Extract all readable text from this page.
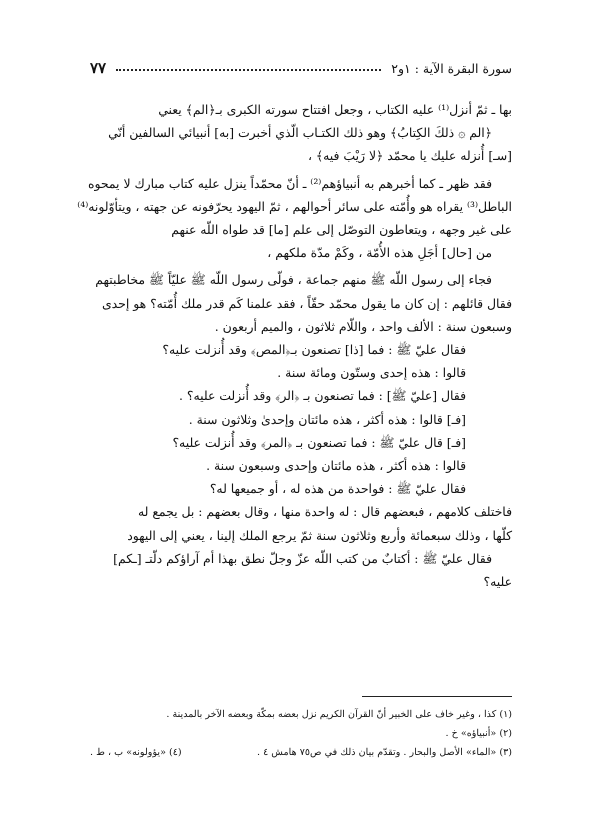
سورة البقرة الآية : ١و٢
٧٧
بها ـ ثمّ أنزل⁽¹⁾ عليه الكتاب ، وجعل افتتاح سورته الكبرى بـ﴿الم﴾ يعني
﴿الم ۞ ذلكَ الكِتابُ﴾ وهو ذلك الكتـاب الّذي أخبرت [به] أنبيائي السالفين أنّي
[سـ] أُنزله عليك يا محمّد ﴿لا رَيْبَ فيه﴾ ،
فقد ظهر ـ كما أخبرهم به أنبياؤهم⁽²⁾ ـ أنّ محمّداً ينزل عليه كتاب مبارك لا يمحوه
الباطل⁽³⁾ يقراه هو وأُمّته على سائر أحوالهم ، ثمّ اليهود يحرّفونه عن جهته ، ويتأوّلونه⁽⁴⁾
على غير وجهه ، ويتعاطون التوصّل إلى علم [ما] قد طواه اللّه عنهم
من [حال] أجَلِ هذه الأُمّة ، وكَمْ مدّة ملكهم ،
فجاء إلى رسول اللّه ﷺ منهم جماعة ، فولّى رسول اللّه ﷺ عليّاً ﷺ مخاطبتهم
فقال قائلهم : إن كان ما يقول محمّد حقّاً ، فقد علمنا كَم قدر ملك أُمّته؟ هو إحدى
وسبعون سنة : الألف واحد ، واللّام ثلاثون ، والميم أربعون .
فقال عليّ ﷺ : فما [ذا] تصنعون بـ﴿المص﴾ وقد أُنزلت عليه؟
قالوا : هذه إحدى وستّون ومائة سنة .
فقال [عليّ ﷺ] : فما تصنعون بـ ﴿الر﴾ وقد أُنزلت عليه؟ .
[فـ] قالوا : هذه أكثر ، هذه مائتان وإحدىٰ وثلاثون سنة .
[فـ] قال عليّ ﷺ : فما تصنعون بـ ﴿المر﴾ وقد أُنزلت عليه؟
قالوا : هذه أكثر ، هذه مائتان وإحدى وسبعون سنة .
فقال عليّ ﷺ : فواحدة من هذه له ، أو جميعها له؟
فاختلف كلامهم ، فبعضهم قال : له واحدة منها ، وقال بعضهم : بل يجمع له
كلّها ، وذلك سبعمائة وأربع وثلاثون سنة ثمّ يرجع الملك إلينا ، يعني إلى اليهود
فقال عليّ ﷺ : أكتابٌ من كتب اللّه عزّ وجلّ نطق بهذا أم آراؤكم دلّتـ [ـكم]
عليه؟
(١) كذا ، وغير خاف على الخبير أنّ القرآن الكريم نزل بعضه بمكّة وبعضه الآخر بالمدينة .
(٢) «أنبياؤه» خ .
(٣) «الماء» الأصل والبحار . وتقدّم بيان ذلك في ص٧٥ هامش ٤ .
(٤) «يؤولونه» ب ، ط .
